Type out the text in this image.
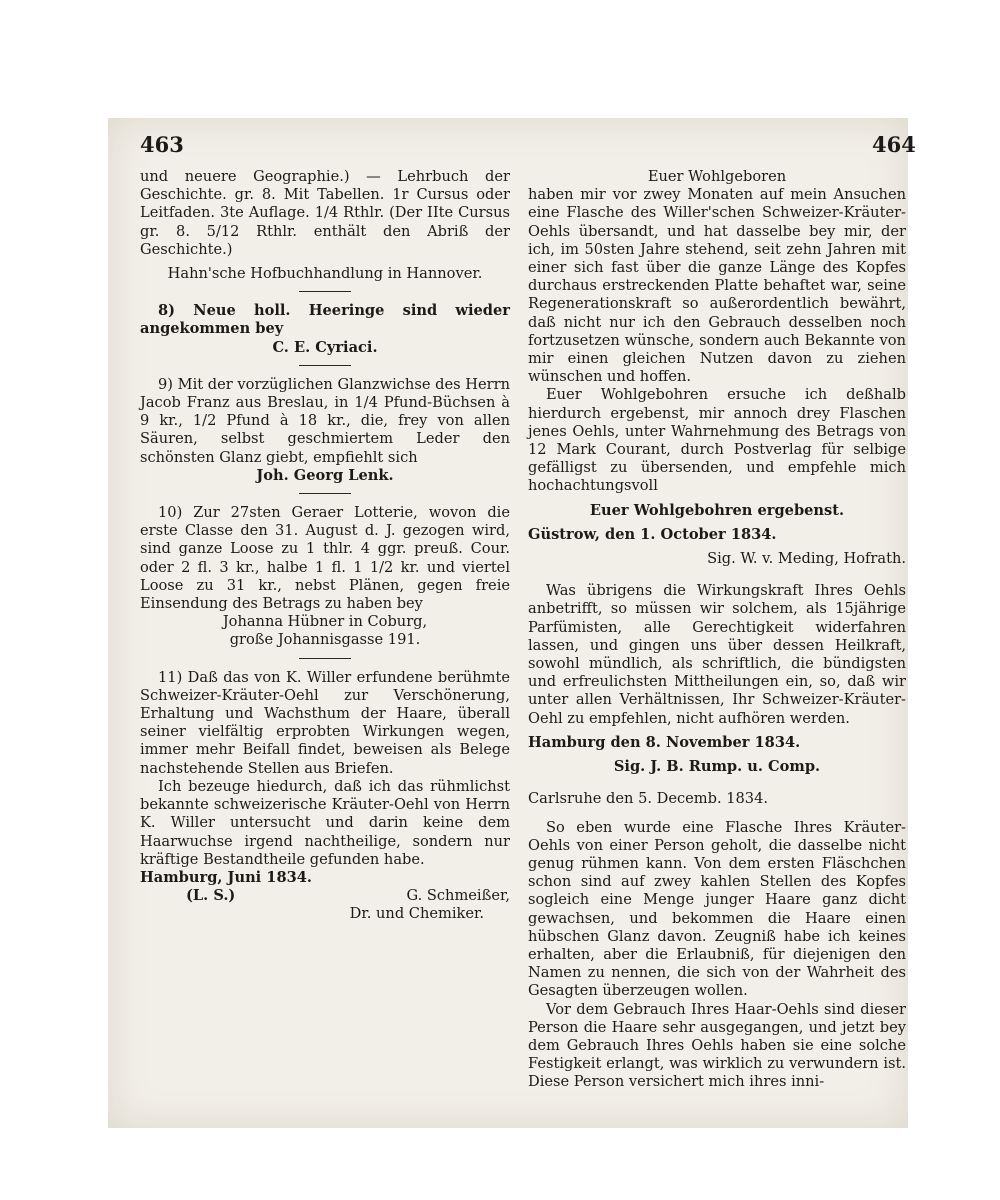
463	464

und neuere Geographie.) — Lehrbuch der Geschichte. gr. 8. Mit Tabellen. 1r Cursus oder Leitfaden. 3te Auflage. 1/4 Rthlr. (Der IIte Cursus gr. 8. 5/12 Rthlr. enthält den Abriß der Geschichte.)

Hahn'sche Hofbuchhandlung in Hannover.

8) Neue holl. Heeringe sind wieder angekommen bey

C. E. Cyriaci.

9) Mit der vorzüglichen Glanzwichse des Herrn Jacob Franz aus Breslau, in 1/4 Pfund-Büchsen à 9 kr., 1/2 Pfund à 18 kr., die, frey von allen Säuren, selbst geschmiertem Leder den schönsten Glanz giebt, empfiehlt sich

Joh. Georg Lenk.

10) Zur 27sten Geraer Lotterie, wovon die erste Classe den 31. August d. J. gezogen wird, sind ganze Loose zu 1 thlr. 4 ggr. preuß. Cour. oder 2 fl. 3 kr., halbe 1 fl. 1 1/2 kr. und viertel Loose zu 31 kr., nebst Plänen, gegen freie Einsendung des Betrags zu haben bey

Johanna Hübner in Coburg,

große Johannisgasse 191.

11) Daß das von K. Willer erfundene berühmte Schweizer-Kräuter-Oehl zur Verschönerung, Erhaltung und Wachsthum der Haare, überall seiner vielfältig erprobten Wirkungen wegen, immer mehr Beifall findet, beweisen als Belege nachstehende Stellen aus Briefen.

Ich bezeuge hiedurch, daß ich das rühmlichst bekannte schweizerische Kräuter-Oehl von Herrn K. Willer untersucht und darin keine dem Haarwuchse irgend nachtheilige, sondern nur kräftige Bestandtheile gefunden habe.

Hamburg, Juni 1834.

(L. S.)	G. Schmeißer,

Dr. und Chemiker.

Euer Wohlgeboren

haben mir vor zwey Monaten auf mein Ansuchen eine Flasche des Willer'schen Schweizer-Kräuter-Oehls übersandt, und hat dasselbe bey mir, der ich, im 50sten Jahre stehend, seit zehn Jahren mit einer sich fast über die ganze Länge des Kopfes durchaus erstreckenden Platte behaftet war, seine Regenerationskraft so außerordentlich bewährt, daß nicht nur ich den Gebrauch desselben noch fortzusetzen wünsche, sondern auch Bekannte von mir einen gleichen Nutzen davon zu ziehen wünschen und hoffen.

Euer Wohlgebohren ersuche ich deßhalb hierdurch ergebenst, mir annoch drey Flaschen jenes Oehls, unter Wahrnehmung des Betrags von 12 Mark Courant, durch Postverlag für selbige gefälligst zu übersenden, und empfehle mich hochachtungsvoll

Euer Wohlgebohren ergebenst.

Güstrow, den 1. October 1834.

Sig. W. v. Meding, Hofrath.

Was übrigens die Wirkungskraft Ihres Oehls anbetrifft, so müssen wir solchem, als 15jährige Parfümisten, alle Gerechtigkeit widerfahren lassen, und gingen uns über dessen Heilkraft, sowohl mündlich, als schriftlich, die bündigsten und erfreulichsten Mittheilungen ein, so, daß wir unter allen Verhältnissen, Ihr Schweizer-Kräuter-Oehl zu empfehlen, nicht aufhören werden.

Hamburg den 8. November 1834.

Sig. J. B. Rump. u. Comp.

Carlsruhe den 5. Decemb. 1834.

So eben wurde eine Flasche Ihres Kräuter-Oehls von einer Person geholt, die dasselbe nicht genug rühmen kann. Von dem ersten Fläschchen schon sind auf zwey kahlen Stellen des Kopfes sogleich eine Menge junger Haare ganz dicht gewachsen, und bekommen die Haare einen hübschen Glanz davon. Zeugniß habe ich keines erhalten, aber die Erlaubniß, für diejenigen den Namen zu nennen, die sich von der Wahrheit des Gesagten überzeugen wollen.

Vor dem Gebrauch Ihres Haar-Oehls sind dieser Person die Haare sehr ausgegangen, und jetzt bey dem Gebrauch Ihres Oehls haben sie eine solche Festigkeit erlangt, was wirklich zu verwundern ist. Diese Person versichert mich ihres inni-
